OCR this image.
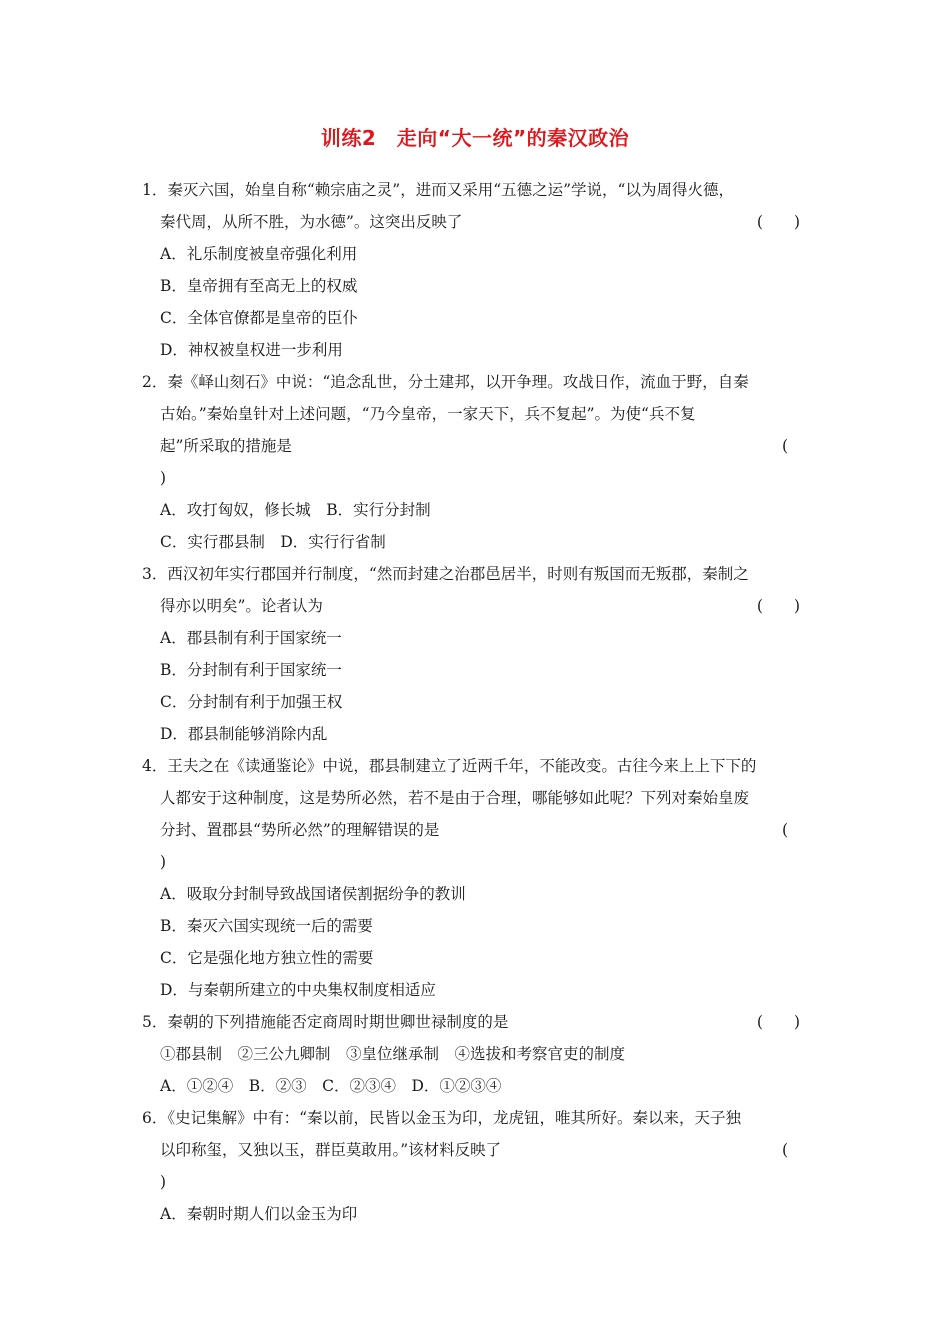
训练2　走向“大一统”的秦汉政治
1．秦灭六国，始皇自称“赖宗庙之灵”，进而又采用“五德之运”学说，“以为周得火德，
秦代周，从所不胜，为水德”。这突出反映了	(　　)
A．礼乐制度被皇帝强化利用
B．皇帝拥有至高无上的权威
C．全体官僚都是皇帝的臣仆
D．神权被皇权进一步利用
2．秦《峄山刻石》中说：“追念乱世，分土建邦，以开争理。攻战日作，流血于野，自秦
古始。”秦始皇针对上述问题，“乃今皇帝，一家天下，兵不复起”。为使“兵不复
起”所采取的措施是	(
)
A．攻打匈奴，修长城　B．实行分封制
C．实行郡县制　D．实行行省制
3．西汉初年实行郡国并行制度，“然而封建之治郡邑居半，时则有叛国而无叛郡，秦制之
得亦以明矣”。论者认为	(　　)
A．郡县制有利于国家统一
B．分封制有利于国家统一
C．分封制有利于加强王权
D．郡县制能够消除内乱
4．王夫之在《读通鉴论》中说，郡县制建立了近两千年，不能改变。古往今来上上下下的
人都安于这种制度，这是势所必然，若不是由于合理，哪能够如此呢？下列对秦始皇废
分封、置郡县“势所必然”的理解错误的是	(
)
A．吸取分封制导致战国诸侯割据纷争的教训
B．秦灭六国实现统一后的需要
C．它是强化地方独立性的需要
D．与秦朝所建立的中央集权制度相适应
5．秦朝的下列措施能否定商周时期世卿世禄制度的是	(　　)
①郡县制　②三公九卿制　③皇位继承制　④选拔和考察官吏的制度
A．①②④　B．②③　C．②③④　D．①②③④
6．《史记集解》中有：“秦以前，民皆以金玉为印，龙虎钮，唯其所好。秦以来，天子独
以印称玺，又独以玉，群臣莫敢用。”该材料反映了	(
)
A．秦朝时期人们以金玉为印
